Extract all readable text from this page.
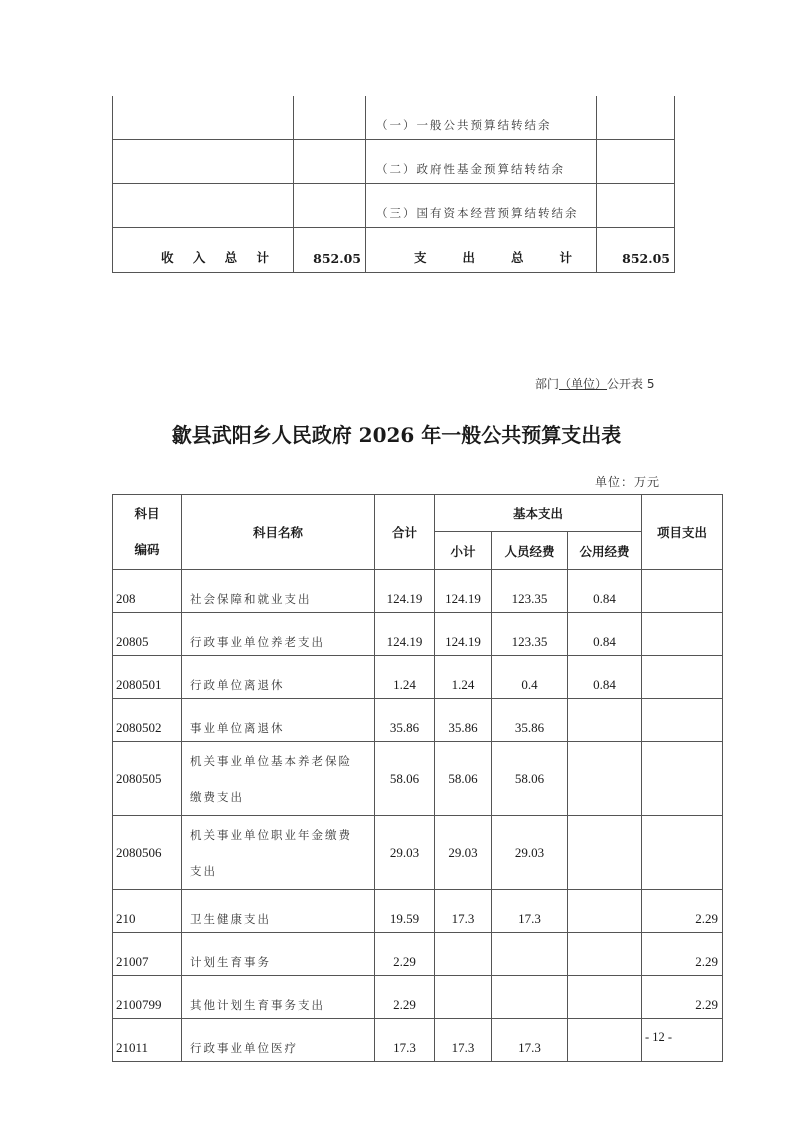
		（一）一般公共预算结转结余	
		（二）政府性基金预算结转结余	
		（三）国有资本经营预算结转结余	

收 入 总 计	852.05	支 出 总 计	852.05
部门（单位）公开表 5
歙县武阳乡人民政府 2026 年一般公共预算支出表
单位：万元
科目
编码	科目名称	合计	基本支出			项目支出
			小计	人员经费	公用经费	
208	社会保障和就业支出	124.19	124.19	123.35	0.84	
20805	行政事业单位养老支出	124.19	124.19	123.35	0.84	
2080501	行政单位离退休	1.24	1.24	0.4	0.84	
2080502	事业单位离退休	35.86	35.86	35.86		
2080505	机关事业单位基本养老保险
缴费支出	58.06	58.06	58.06		
2080506	机关事业单位职业年金缴费
支出	29.03	29.03	29.03		
210	卫生健康支出	19.59	17.3	17.3		2.29
21007	计划生育事务	2.29				2.29
2100799	其他计划生育事务支出	2.29				2.29
21011	行政事业单位医疗	17.3	17.3	17.3		
- 12 -
